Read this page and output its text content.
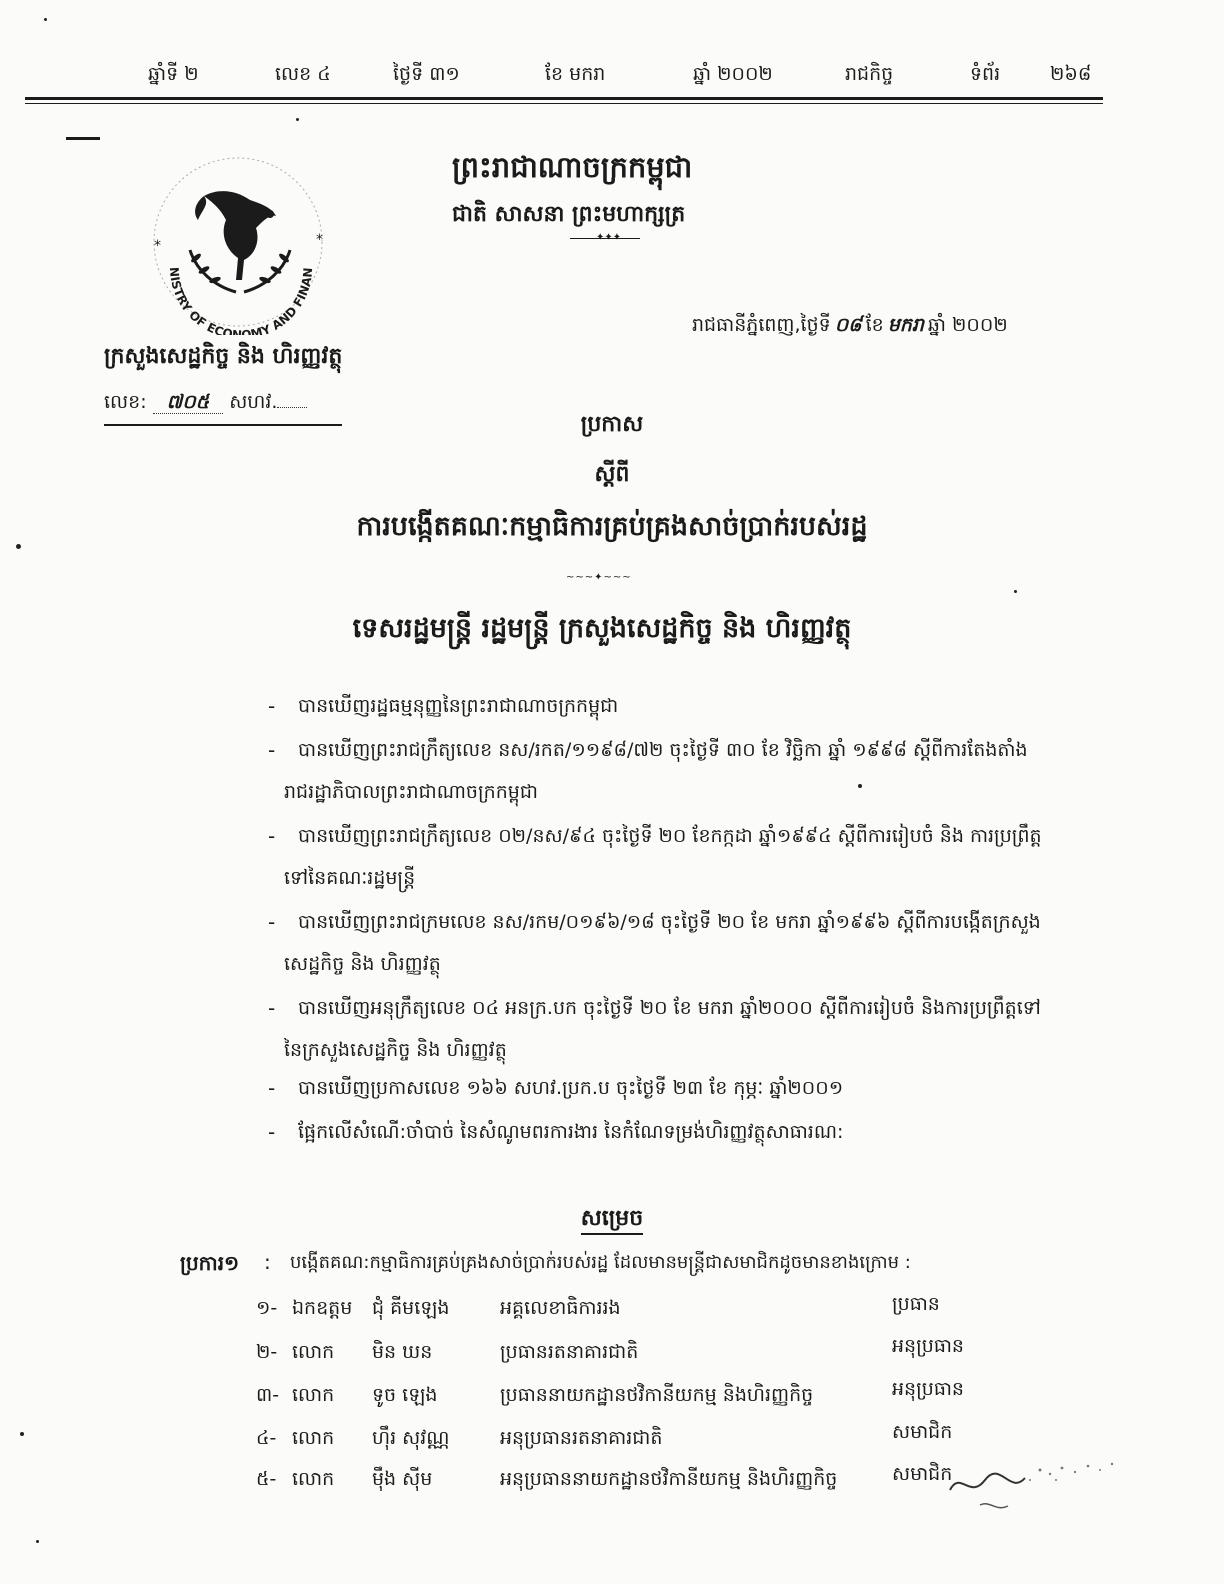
ឆ្នាំទី ២	លេខ ៤	ថ្ងៃទី ៣១	ខែ មករា	ឆ្នាំ ២០០២	រាជកិច្ច	ទំព័រ	២៦៨
NISTRY OF ECONOMY AND FINAN
*	*
ក្រសួងសេដ្ឋកិច្ច និង ហិរញ្ញវត្ថុ
លេខ: ៧០៥ សហវ.
ព្រះរាជាណាចក្រកម្ពុជា
ជាតិ សាសនា ព្រះមហាក្សត្រ
✦✦✦
រាជធានីភ្នំពេញ,ថ្ងៃទី ០៨ ខែ មករា ឆ្នាំ ២០០២
ប្រកាស
ស្តីពី
ការបង្កើតគណៈកម្មាធិការគ្រប់គ្រងសាច់ប្រាក់របស់រដ្ឋ
~~~✦~~~
ទេសរដ្ឋមន្ត្រី រដ្ឋមន្ត្រី ក្រសួងសេដ្ឋកិច្ច និង ហិរញ្ញវត្ថុ
- បានឃើញរដ្ឋធម្មនុញ្ញនៃព្រះរាជាណាចក្រកម្ពុជា
- បានឃើញព្រះរាជក្រឹត្យលេខ នស/រកត/១១៩៨/៧២ ចុះថ្ងៃទី ៣០ ខែ វិច្ឆិកា ឆ្នាំ ១៩៩៨ ស្តីពីការតែងតាំង
រាជរដ្ឋាភិបាលព្រះរាជាណាចក្រកម្ពុជា
- បានឃើញព្រះរាជក្រឹត្យលេខ ០២/នស/៩៤ ចុះថ្ងៃទី ២០ ខែកក្កដា ឆ្នាំ១៩៩៤ ស្តីពីការរៀបចំ និង ការប្រព្រឹត្ត
ទៅនៃគណៈរដ្ឋមន្ត្រី
- បានឃើញព្រះរាជក្រមលេខ នស/រកម/០១៩៦/១៨ ចុះថ្ងៃទី ២០ ខែ មករា ឆ្នាំ១៩៩៦ ស្តីពីការបង្កើតក្រសួង
សេដ្ឋកិច្ច និង ហិរញ្ញវត្ថុ
- បានឃើញអនុក្រឹត្យលេខ ០៤ អនក្រ.បក ចុះថ្ងៃទី ២០ ខែ មករា ឆ្នាំ២០០០ ស្តីពីការរៀបចំ និងការប្រព្រឹត្តទៅ
នៃក្រសួងសេដ្ឋកិច្ច និង ហិរញ្ញវត្ថុ
- បានឃើញប្រកាសលេខ ១៦៦ សហវ.ប្រក.ប ចុះថ្ងៃទី ២៣ ខែ កុម្ភៈ ឆ្នាំ២០០១
- ផ្អែកលើសំណើ:ចាំបាច់ នៃសំណូមពរការងារ នៃកំណែទម្រង់ហិរញ្ញវត្ថុសាធារណ:
សម្រេច
ប្រការ១ : បង្កើតគណ:កម្មាធិការគ្រប់គ្រងសាច់ប្រាក់របស់រដ្ឋ ដែលមានមន្ត្រីជាសមាជិកដូចមានខាងក្រោម :
១- ឯកឧត្តម ជុំ គីមឡេង	អគ្គលេខាធិការរង	ប្រធាន
២- លោក មិន ឃន	ប្រធានរតនាគារជាតិ	អនុប្រធាន
៣- លោក ទូច ឡេង	ប្រធាននាយកដ្ឋានថវិកានីយកម្ម និងហិរញ្ញកិច្ច	អនុប្រធាន
៤- លោក ហ៊ឹរ សុវណ្ណ	អនុប្រធានរតនាគារជាតិ	សមាជិក
៥- លោក ម៉ឹង ស៊ីម	អនុប្រធាននាយកដ្ឋានថវិកានីយកម្ម និងហិរញ្ញកិច្ច	សមាជិក
